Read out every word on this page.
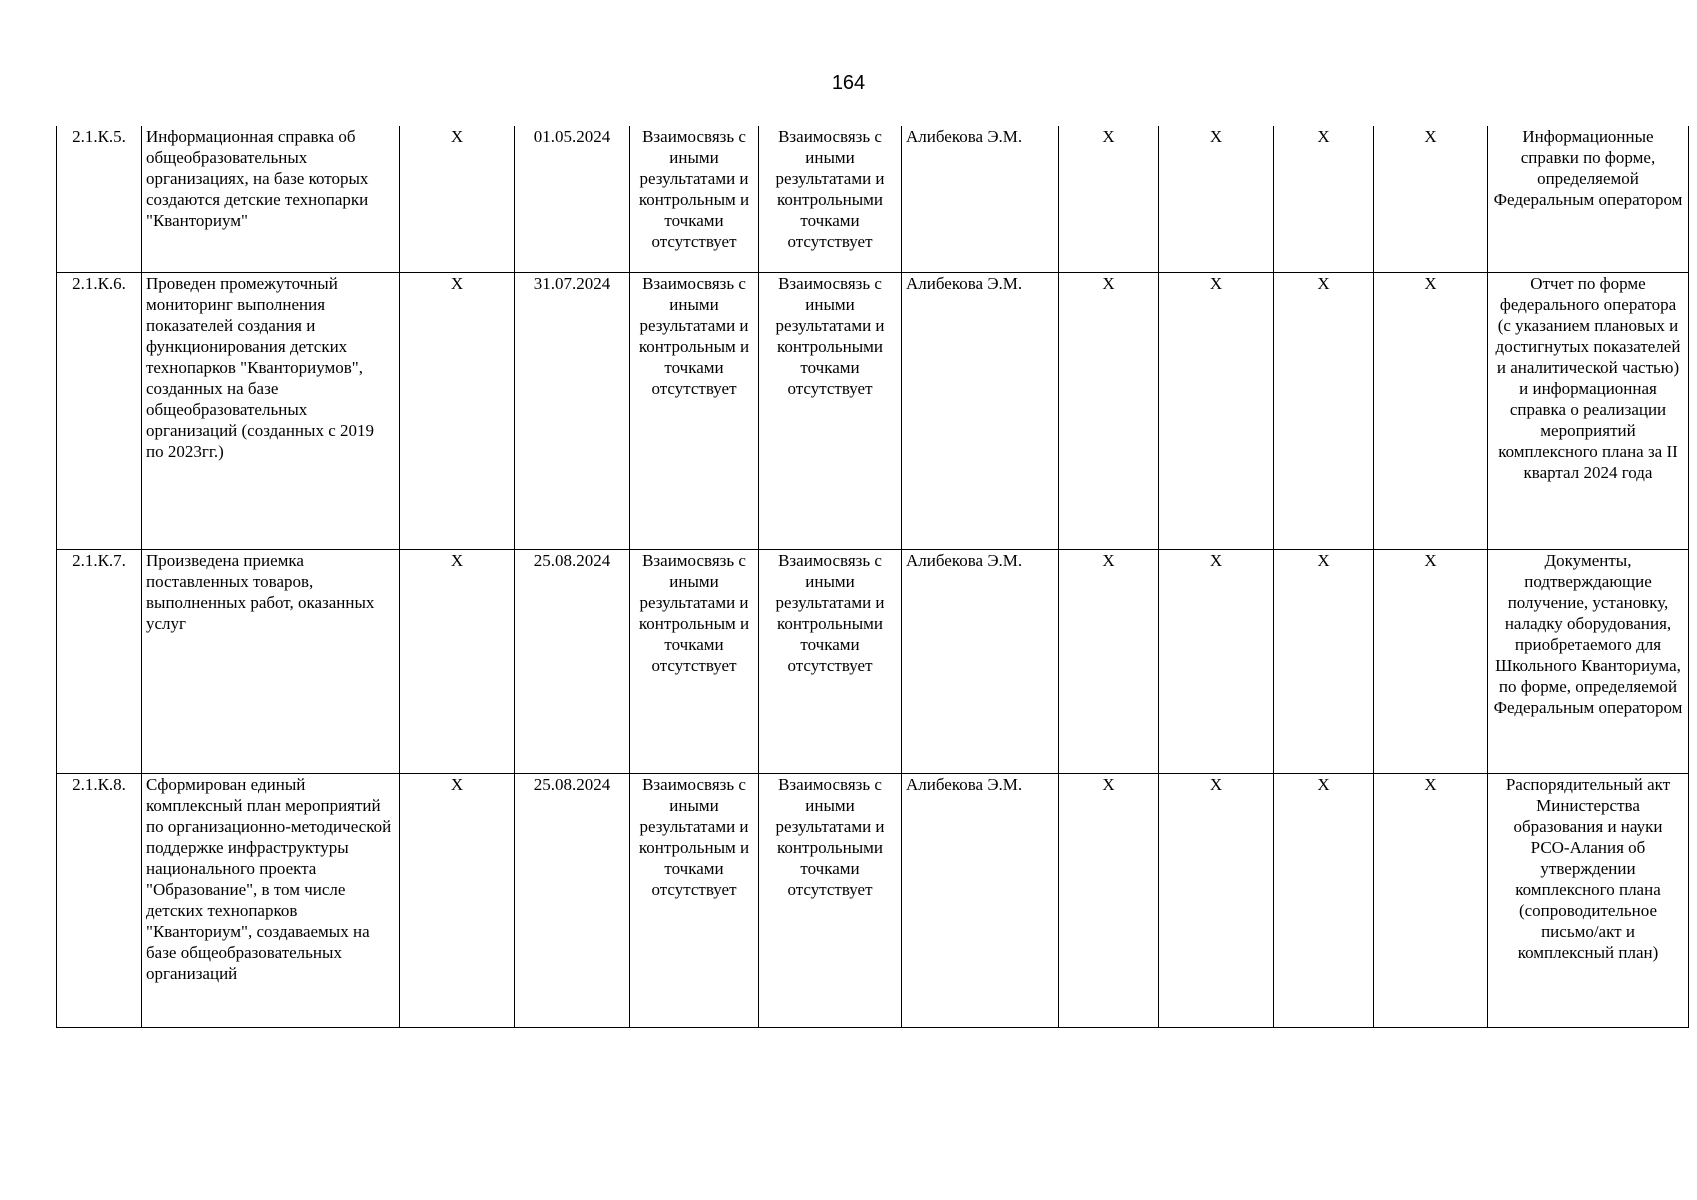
164
2.1.К.5.	Информационная справка об общеобразовательных организациях, на базе которых создаются детские технопарки "Кванториум"	X	01.05.2024	Взаимосвязь с иными результатами и контрольным и точками отсутствует	Взаимосвязь с иными результатами и контрольными точками отсутствует	Алибекова Э.М.	X	X	X	X	Информационные справки по форме, определяемой Федеральным оператором
2.1.К.6.	Проведен промежуточный мониторинг выполнения показателей создания и функционирования детских технопарков "Кванториумов", созданных на базе общеобразовательных организаций (созданных с 2019 по 2023гг.)	X	31.07.2024	Взаимосвязь с иными результатами и контрольным и точками отсутствует	Взаимосвязь с иными результатами и контрольными точками отсутствует	Алибекова Э.М.	X	X	X	X	Отчет по форме федерального оператора (с указанием плановых и достигнутых показателей и аналитической частью) и информационная справка о реализации мероприятий комплексного плана за II квартал 2024 года
2.1.К.7.	Произведена приемка поставленных товаров, выполненных работ, оказанных услуг	X	25.08.2024	Взаимосвязь с иными результатами и контрольным и точками отсутствует	Взаимосвязь с иными результатами и контрольными точками отсутствует	Алибекова Э.М.	X	X	X	X	Документы, подтверждающие получение, установку, наладку оборудования, приобретаемого для Школьного Кванториума, по форме, определяемой Федеральным оператором
2.1.К.8.	Сформирован единый комплексный план мероприятий по организационно-методической поддержке инфраструктуры национального проекта "Образование", в том числе детских технопарков "Кванториум", создаваемых на базе общеобразовательных организаций	X	25.08.2024	Взаимосвязь с иными результатами и контрольным и точками отсутствует	Взаимосвязь с иными результатами и контрольными точками отсутствует	Алибекова Э.М.	X	X	X	X	Распорядительный акт Министерства образования и науки РСО-Алания об утверждении комплексного плана (сопроводительное письмо/акт и комплексный план)
